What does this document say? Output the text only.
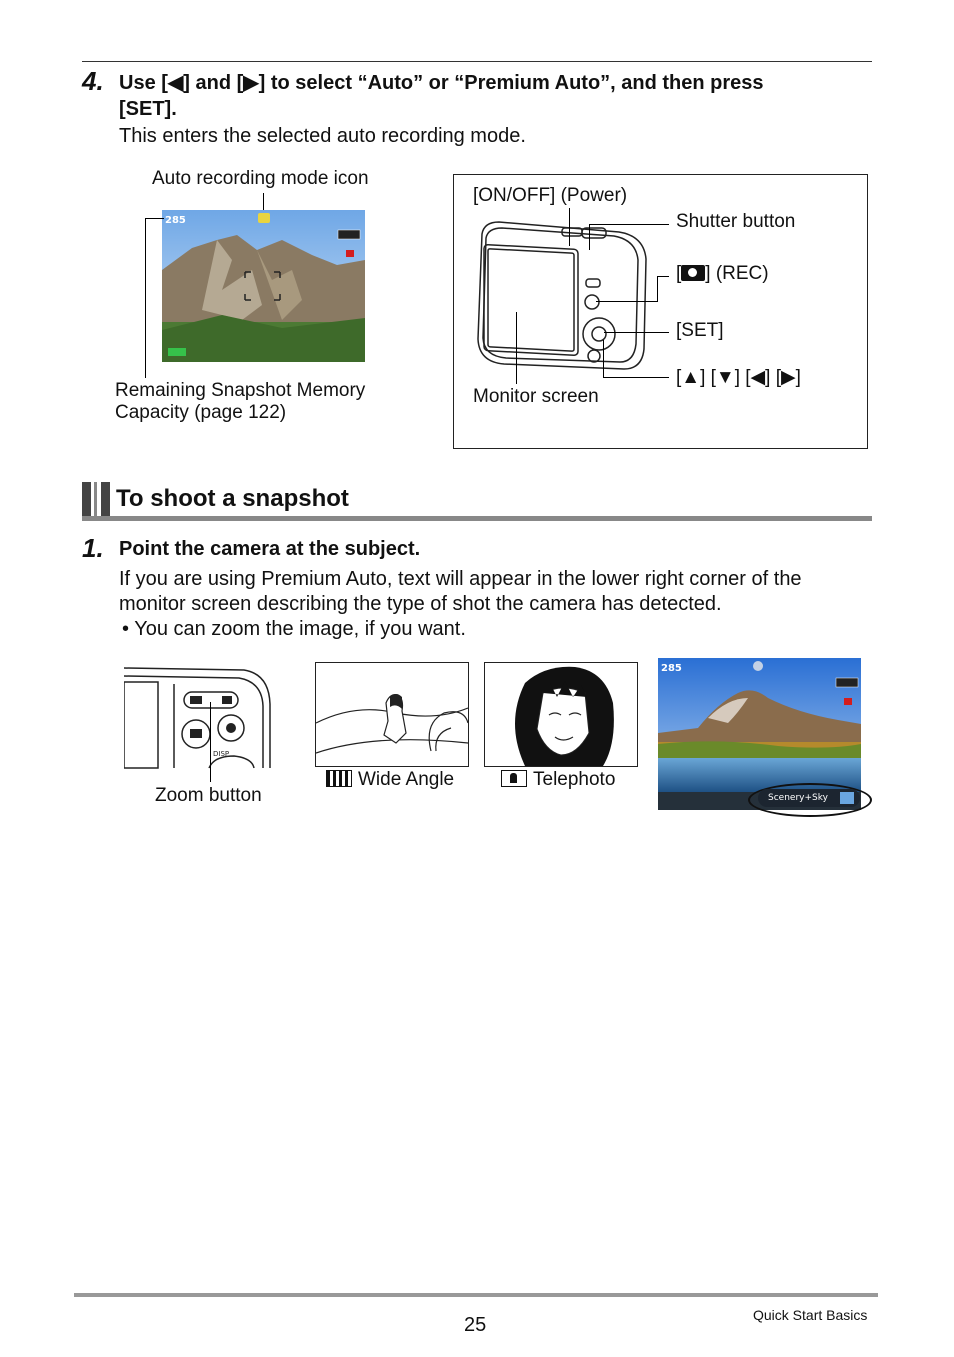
4. Use [◀] and [▶] to select “Auto” or “Premium Auto”, and then press
[SET].
This enters the selected auto recording mode.
Auto recording mode icon
285
Remaining Snapshot Memory
Capacity (page 122)
[ON/OFF] (Power)
Shutter button
[ ] (REC)
[SET]
[▲] [▼] [◀] [▶]
Monitor screen
To shoot a snapshot
1. Point the camera at the subject.
If you are using Premium Auto, text will appear in the lower right corner of the
monitor screen describing the type of shot the camera has detected.
• You can zoom the image, if you want.
DISP
Zoom button
Wide Angle	Telephoto
285
Scenery+Sky
25	Quick Start Basics
